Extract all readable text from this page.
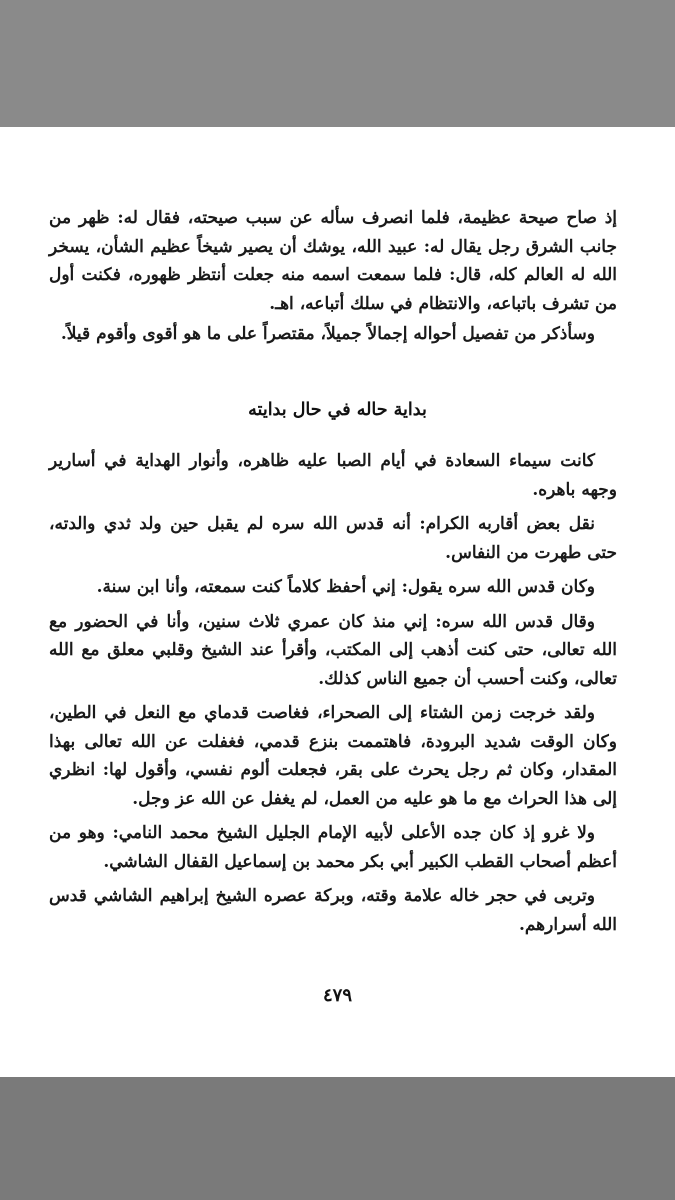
إذ صاح صيحة عظيمة، فلما انصرف سأله عن سبب صيحته، فقال له: ظهر من جانب الشرق رجل يقال له: عبيد الله، يوشك أن يصير شيخاً عظيم الشأن، يسخر الله له العالم كله، قال: فلما سمعت اسمه منه جعلت أنتظر ظهوره، فكنت أول من تشرف باتباعه، والانتظام في سلك أتباعه، اهـ.

وسأذكر من تفصيل أحواله إجمالاً جميلاً، مقتصراً على ما هو أقوى وأقوم قيلاً.

بداية حاله في حال بدايته

كانت سيماء السعادة في أيام الصبا عليه ظاهره، وأنوار الهداية في أسارير وجهه باهره.

نقل بعض أقاربه الكرام: أنه قدس الله سره لم يقبل حين ولد ثدي والدته، حتى طهرت من النفاس.

وكان قدس الله سره يقول: إني أحفظ كلاماً كنت سمعته، وأنا ابن سنة.

وقال قدس الله سره: إني منذ كان عمري ثلاث سنين، وأنا في الحضور مع الله تعالى، حتى كنت أذهب إلى المكتب، وأقرأ عند الشيخ وقلبي معلق مع الله تعالى، وكنت أحسب أن جميع الناس كذلك.

ولقد خرجت زمن الشتاء إلى الصحراء، فغاصت قدماي مع النعل في الطين، وكان الوقت شديد البرودة، فاهتممت بنزع قدمي، فغفلت عن الله تعالى بهذا المقدار، وكان ثم رجل يحرث على بقر، فجعلت ألوم نفسي، وأقول لها: انظري إلى هذا الحراث مع ما هو عليه من العمل، لم يغفل عن الله عز وجل.

ولا غرو إذ كان جده الأعلى لأبيه الإمام الجليل الشيخ محمد النامي: وهو من أعظم أصحاب القطب الكبير أبي بكر محمد بن إسماعيل القفال الشاشي.

وتربى في حجر خاله علامة وقته، وبركة عصره الشيخ إبراهيم الشاشي قدس الله أسرارهم.

٤٧٩
